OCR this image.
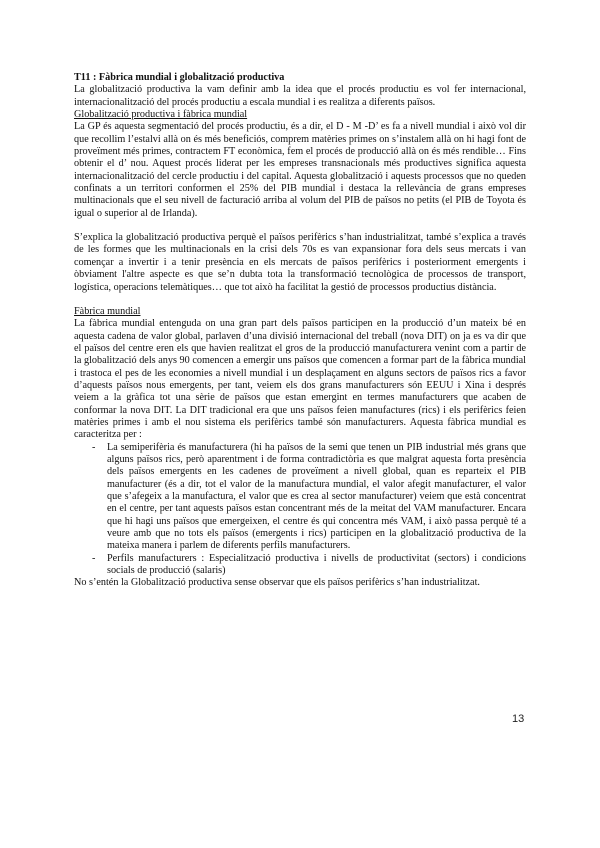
T11 : Fàbrica mundial i globalització productiva

La globalització productiva la vam definir amb la idea que el procés productiu es vol fer internacional, internacionalització del procés productiu a escala mundial i es realitza a diferents països.

Globalització productiva i fàbrica mundial

La GP és aquesta segmentació del procés productiu, és a dir, el D - M -D’ es fa a nivell mundial i això vol dir que recollim l’estalvi allà on és més beneficiós, comprem matèries primes on s’instalem allà on hi hagi font de proveïment més primes, contractem FT econòmica, fem el procés de producció allà on és més rendible… Fins obtenir el d’ nou. Aquest procés liderat per les empreses transnacionals més productives significa aquesta internacionalització del cercle productiu i del capital. Aquesta globalització i aquests processos que no queden confinats a un territori conformen el 25% del PIB mundial i destaca la rellevància de grans empreses multinacionals que el seu nivell de facturació arriba al volum del PIB de països no petits (el PIB de Toyota és igual o superior al de Irlanda).

S’explica la globalització productiva perquè el països perifèrics s’han industrialitzat, també s’explica a través de les formes que les multinacionals en la crisi dels 70s es van expansionar fora dels seus mercats i van començar a invertir i a tenir presència en els mercats de països perifèrics i posteriorment emergents i òbviament l'altre aspecte es que se’n dubta tota la transformació tecnològica de processos de transport, logística, operacions telemàtiques… que tot això ha facilitat la gestió de processos productius distància.

Fàbrica mundial

La fàbrica mundial entenguda on una gran part dels països participen en la producció d’un mateix bé en aquesta cadena de valor global, parlaven d’una divisió internacional del treball (nova DIT) on ja es va dir que el països del centre eren els que havien realitzat el gros de la producció manufacturera venint com a partir de la globalització dels anys 90 comencen a emergir uns països que comencen a formar part de la fàbrica mundial i trastoca el pes de les economies a nivell mundial i un desplaçament en alguns sectors de països rics a favor d’aquests països nous emergents, per tant, veiem els dos grans manufacturers són EEUU i Xina i després veiem a la gràfica tot una sèrie de països que estan emergint en termes manufacturers que acaben de conformar la nova DIT. La DIT tradicional era que uns països feien manufactures (rics) i els perifèrics feien matèries primes i amb el nou sistema els perifèrics també són manufacturers. Aquesta fàbrica mundial es caracteritza per :

- La semiperifèria és manufacturera (hi ha països de la semi que tenen un PIB industrial més grans que alguns països rics, però aparentment i de forma contradictòria es que malgrat aquesta forta presència dels països emergents en les cadenes de proveïment a nivell global, quan es reparteix el PIB manufacturer (és a dir, tot el valor de la manufactura mundial, el valor afegit manufacturer, el valor que s’afegeix a la manufactura, el valor que es crea al sector manufacturer) veiem que està concentrat en el centre, per tant aquests països estan concentrant més de la meitat del VAM manufacturer. Encara que hi hagi uns països que emergeixen, el centre és qui concentra més VAM, i això passa perquè té a veure amb que no tots els països (emergents i rics) participen en la globalització productiva de la mateixa manera i parlem de diferents perfils manufacturers.
- Perfils manufacturers : Especialització productiva i nivells de productivitat (sectors) i condicions socials de producció (salaris)

No s’entén la Globalització productiva sense observar que els països perifèrics s’han industrialitzat.

13
